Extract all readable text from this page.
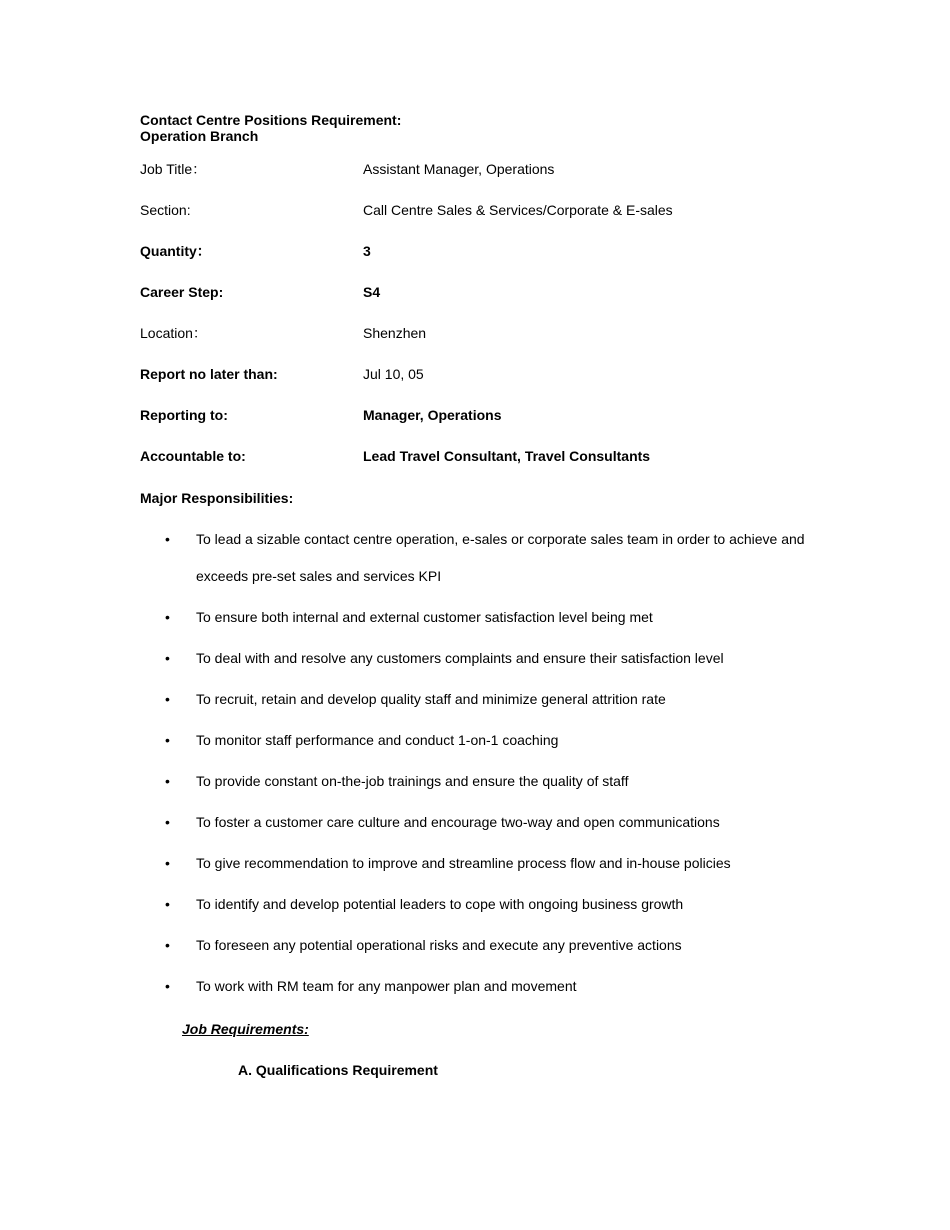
Contact Centre Positions Requirement:
Operation Branch
Job Title：	Assistant Manager, Operations
Section:	Call Centre Sales & Services/Corporate & E-sales
Quantity：	3
Career Step:	S4
Location：	Shenzhen
Report no later than:	Jul 10, 05
Reporting to:	Manager, Operations
Accountable to:	Lead Travel Consultant, Travel Consultants
Major Responsibilities:
• To lead a sizable contact centre operation, e-sales or corporate sales team in order to achieve and exceeds pre-set sales and services KPI
• To ensure both internal and external customer satisfaction level being met
• To deal with and resolve any customers complaints and ensure their satisfaction level
• To recruit, retain and develop quality staff and minimize general attrition rate
• To monitor staff performance and conduct 1-on-1 coaching
• To provide constant on-the-job trainings and ensure the quality of staff
• To foster a customer care culture and encourage two-way and open communications
• To give recommendation to improve and streamline process flow and in-house policies
• To identify and develop potential leaders to cope with ongoing business growth
• To foreseen any potential operational risks and execute any preventive actions
• To work with RM team for any manpower plan and movement
Job Requirements:
A. Qualifications Requirement
